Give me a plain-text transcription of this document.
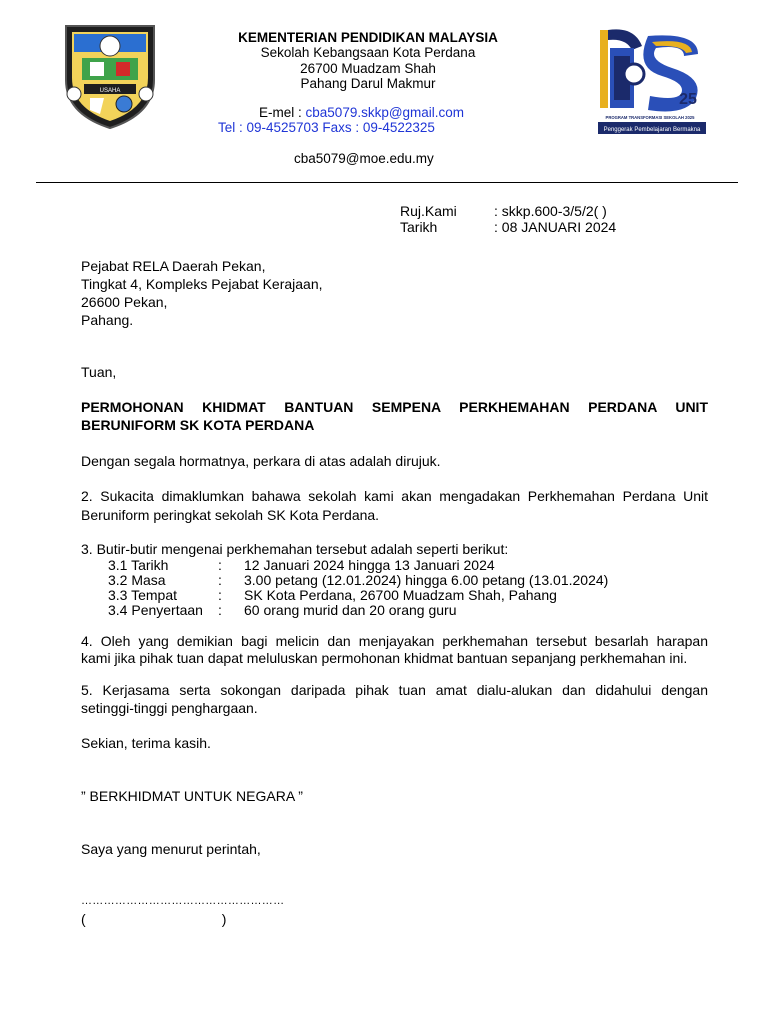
USAHA
KEMENTERIAN PENDIDIKAN MALAYSIA
Sekolah Kebangsaan Kota Perdana
26700 Muadzam Shah
Pahang Darul Makmur
E-mel : cba5079.skkp@gmail.com
Tel : 09-4525703 Faxs : 09-4522325
cba5079@moe.edu.my
25
PROGRAM TRANSFORMASI SEKOLAH 2025
Penggerak Pembelajaran Bermakna
Ruj.Kami	: skkp.600-3/5/2( )
Tarikh	: 08 JANUARI 2024
Pejabat RELA Daerah Pekan,
Tingkat 4, Kompleks Pejabat Kerajaan,
26600 Pekan,
Pahang.
Tuan,
PERMOHONAN KHIDMAT BANTUAN SEMPENA PERKHEMAHAN PERDANA UNIT
BERUNIFORM SK KOTA PERDANA
Dengan segala hormatnya, perkara di atas adalah dirujuk.
2. Sukacita dimaklumkan bahawa sekolah kami akan mengadakan Perkhemahan Perdana Unit
Beruniform peringkat sekolah SK Kota Perdana.
3. Butir-butir mengenai perkhemahan tersebut adalah seperti berikut:
3.1 Tarikh	: 12 Januari 2024 hingga 13 Januari 2024
3.2 Masa	: 3.00 petang (12.01.2024) hingga 6.00 petang (13.01.2024)
3.3 Tempat	: SK Kota Perdana, 26700 Muadzam Shah, Pahang
3.4 Penyertaan : 60 orang murid dan 20 orang guru
4. Oleh yang demikian bagi melicin dan menjayakan perkhemahan tersebut besarlah harapan
kami jika pihak tuan dapat meluluskan permohonan khidmat bantuan sepanjang perkhemahan ini.
5. Kerjasama serta sokongan daripada pihak tuan amat dialu-alukan dan didahului dengan
setinggi-tinggi penghargaan.
Sekian, terima kasih.
” BERKHIDMAT UNTUK NEGARA ”
Saya yang menurut perintah,
………………………………………………
(                                   )
